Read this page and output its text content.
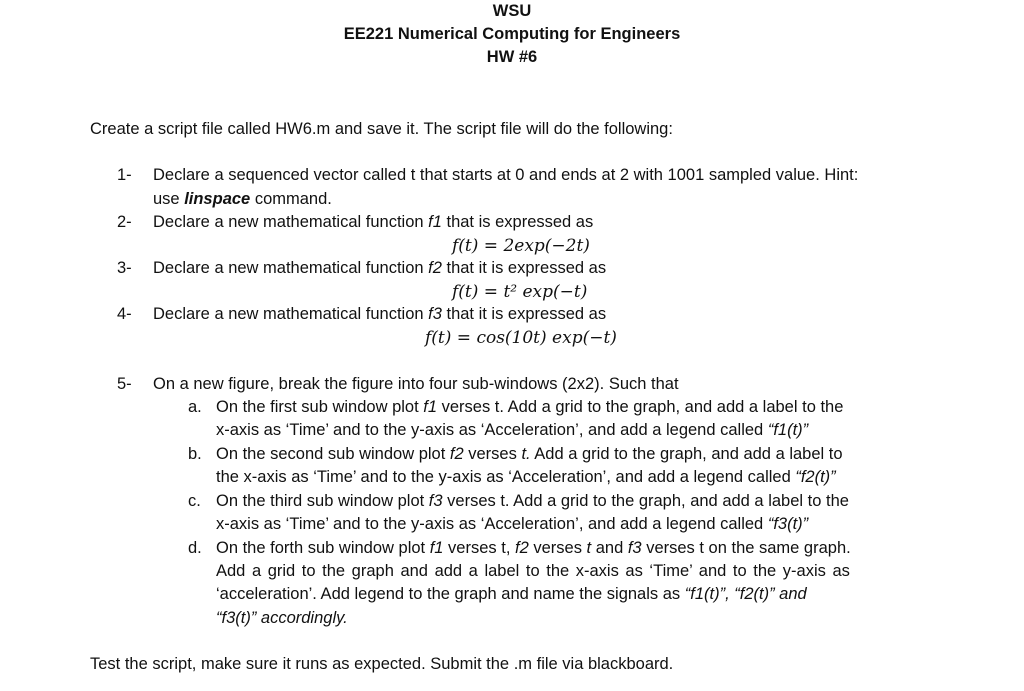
WSU
EE221 Numerical Computing for Engineers
HW #6
Create a script file called HW6.m and save it. The script file will do the following:
1-	Declare a sequenced vector called t that starts at 0 and ends at 2 with 1001 sampled value. Hint:
use linspace command.
2-	Declare a new mathematical function f1 that is expressed as
f(t) = 2exp(−2t)
3-	Declare a new mathematical function f2 that it is expressed as
f(t) = t² exp(−t)
4-	Declare a new mathematical function f3 that it is expressed as
f(t) = cos(10t) exp(−t)
5-	On a new figure, break the figure into four sub-windows (2x2). Such that
a. On the first sub window plot f1 verses t. Add a grid to the graph, and add a label to the
x-axis as ‘Time’ and to the y-axis as ‘Acceleration’, and add a legend called “f1(t)”
b. On the second sub window plot f2 verses t. Add a grid to the graph, and add a label to
the x-axis as ‘Time’ and to the y-axis as ‘Acceleration’, and add a legend called “f2(t)”
c. On the third sub window plot f3 verses t. Add a grid to the graph, and add a label to the
x-axis as ‘Time’ and to the y-axis as ‘Acceleration’, and add a legend called “f3(t)”
d. On the forth sub window plot f1 verses t, f2 verses t and f3 verses t on the same graph.
Add a grid to the graph and add a label to the x-axis as ‘Time’ and to the y-axis as
‘acceleration’. Add legend to the graph and name the signals as “f1(t)”, “f2(t)” and
“f3(t)” accordingly.
Test the script, make sure it runs as expected. Submit the .m file via blackboard.
